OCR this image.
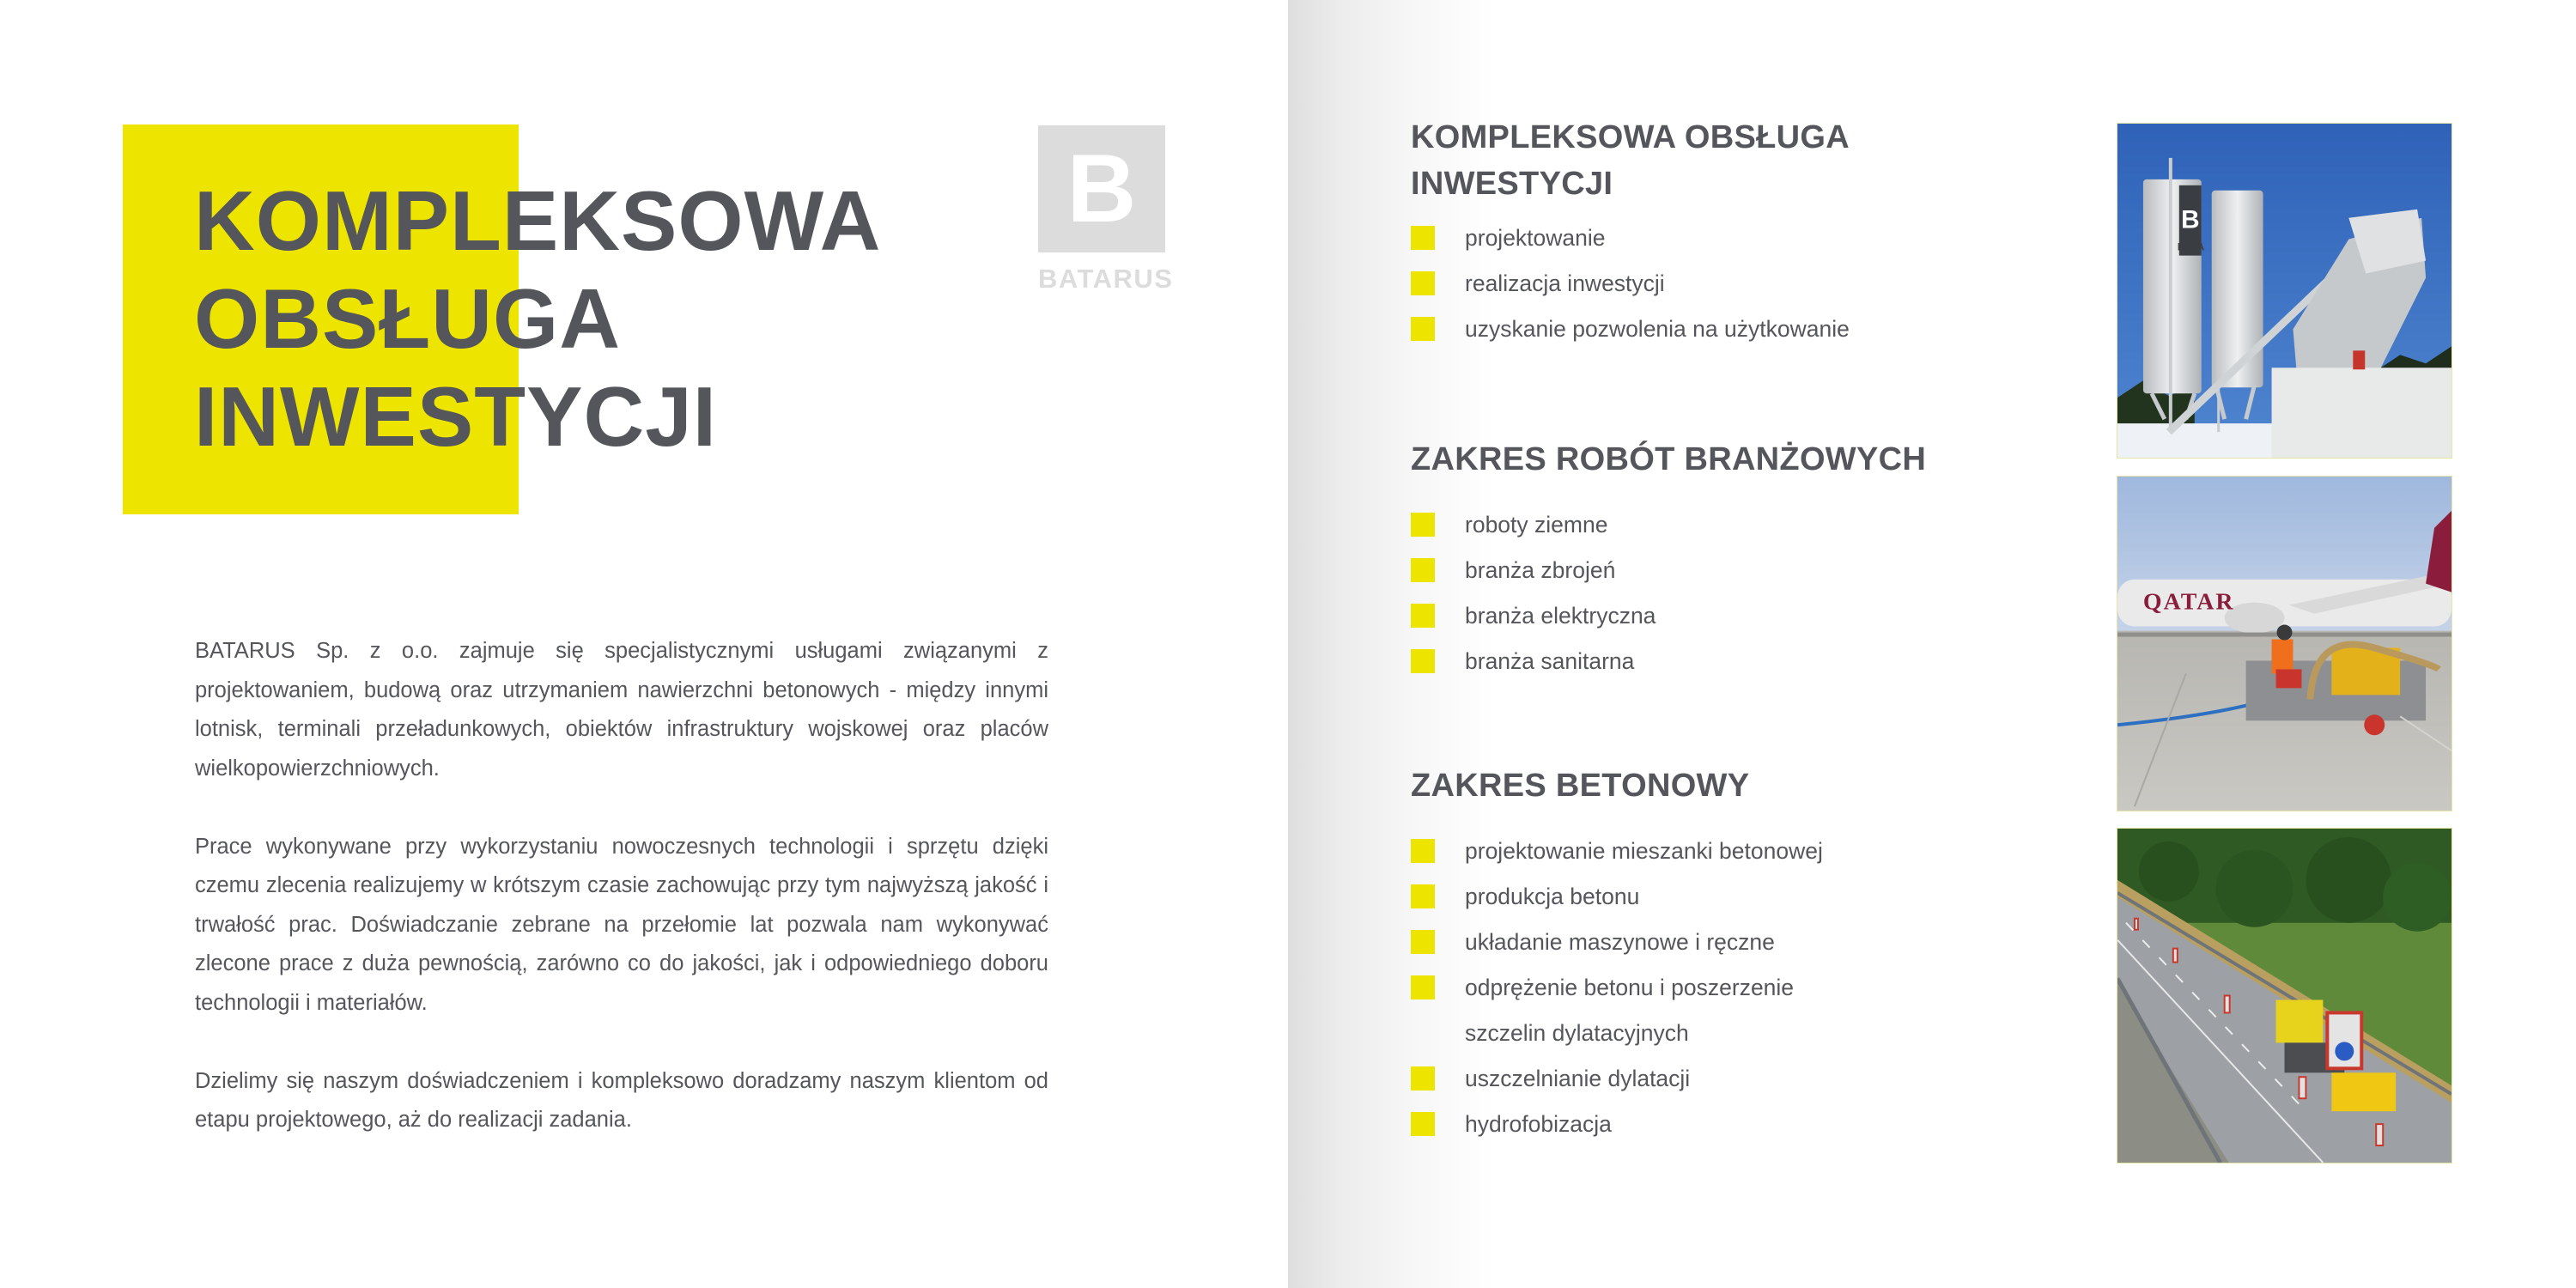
KOMPLEKSOWA
OBSŁUGA
INWESTYCJI
B
BATARUS

BATARUS Sp. z o.o. zajmuje się specjalistycznymi usługami związanymi z projektowaniem, budową oraz utrzymaniem nawierzchni betonowych - między innymi lotnisk, terminali przeładunkowych, obiektów infrastruktury wojskowej oraz placów wielkopowierzchniowych.

Prace wykonywane przy wykorzystaniu nowoczesnych technologii i sprzętu dzięki czemu zlecenia realizujemy w krótszym czasie zachowując przy tym najwyższą jakość i trwałość prac. Doświadczanie zebrane na przełomie lat pozwala nam wykonywać zlecone prace z duża pewnością, zarówno co do jakości, jak i odpowiedniego doboru technologii i materiałów.

Dzielimy się naszym doświadczeniem i kompleksowo doradzamy naszym klientom od etapu projektowego, aż do realizacji zadania.

KOMPLEKSOWA OBSŁUGA
INWESTYCJI
projektowanie
realizacja inwestycji
uzyskanie pozwolenia na użytkowanie
ZAKRES ROBÓT BRANŻOWYCH
roboty ziemne
branża zbrojeń
branża elektryczna
branża sanitarna
ZAKRES BETONOWY
projektowanie mieszanki betonowej
produkcja betonu
układanie maszynowe i ręczne
odprężenie betonu i poszerzenie
szczelin dylatacyjnych
uszczelnianie dylatacji
hydrofobizacja
B
BATA
QATAR
